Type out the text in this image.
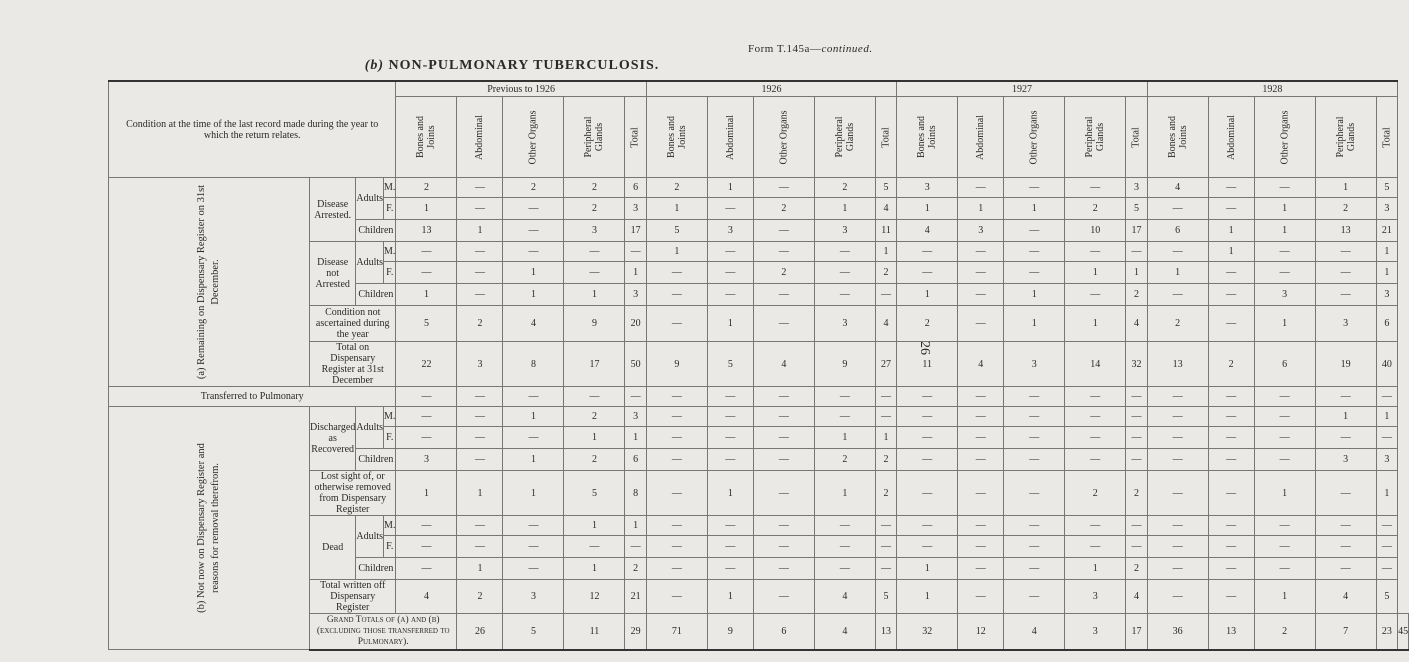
Form T.145a—continued.
(b) NON-PULMONARY TUBERCULOSIS.
26
Condition at the time of the last record made during the year to which the return relates.				Previous to 1926					1926					1927					1928					
				Bones and Joints	Abdominal	Other Organs	Peripheral Glands	Total	Bones and Joints	Abdominal	Other Organs	Peripheral Glands	Total	Bones and Joints	Abdominal	Other Organs	Peripheral Glands	Total	Bones and Joints	Abdominal	Other Organs	Peripheral Glands	Total	
(a) Remaining on Dispensary Register on 31st December.	Disease Arrested.	Adults	M.	2	—	2	2	6	2	1	—	2	5	3	—	—	—	3	4	—	—	1	5	
			F.	1	—	—	2	3	1	—	2	1	4	1	1	1	2	5	—	—	1	2	3	
		Children		13	1	—	3	17	5	3	—	3	11	4	3	—	10	17	6	1	1	13	21	
	Disease not Arrested	Adults	M.	—	—	—	—	—	1	—	—	—	1	—	—	—	—	—	—	1	—	—	1	
			F.	—	—	1	—	1	—	—	2	—	2	—	—	—	1	1	1	—	—	—	1	
		Children		1	—	1	1	3	—	—	—	—	—	1	—	1	—	2	—	—	3	—	3	
	Condition not ascertained during the year			5	2	4	9	20	—	1	—	3	4	2	—	1	1	4	2	—	1	3	6	
	Total on Dispensary Register at 31st December			22	3	8	17	50	9	5	4	9	27	11	4	3	14	32	13	2	6	19	40	
Transferred to Pulmonary				—	—	—	—	—	—	—	—	—	—	—	—	—	—	—	—	—	—	—	—	
(b) Not now on Dispensary Register and reasons for removal therefrom.	Discharged as Recovered	Adults	M.	—	—	1	2	3	—	—	—	—	—	—	—	—	—	—	—	—	—	1	1	
			F.	—	—	—	1	1	—	—	—	1	1	—	—	—	—	—	—	—	—	—	—	
		Children		3	—	1	2	6	—	—	—	2	2	—	—	—	—	—	—	—	—	3	3	
	Lost sight of, or otherwise removed from Dispensary Register			1	1	1	5	8	—	1	—	1	2	—	—	—	2	2	—	—	1	—	1	
	Dead	Adults	M.	—	—	—	1	1	—	—	—	—	—	—	—	—	—	—	—	—	—	—	—	
			F.	—	—	—	—	—	—	—	—	—	—	—	—	—	—	—	—	—	—	—	—	
		Children		—	1	—	1	2	—	—	—	—	—	1	—	—	1	2	—	—	—	—	—	
	Total written off Dispensary Register			4	2	3	12	21	—	1	—	4	5	1	—	—	3	4	—	—	1	4	5	
	Grand Totals of (a) and (b) (excluding those transferred to Pulmonary).				26	5	11	29	71	9	6	4	13	32	12	4	3	17	36	13	2	7	23	45
